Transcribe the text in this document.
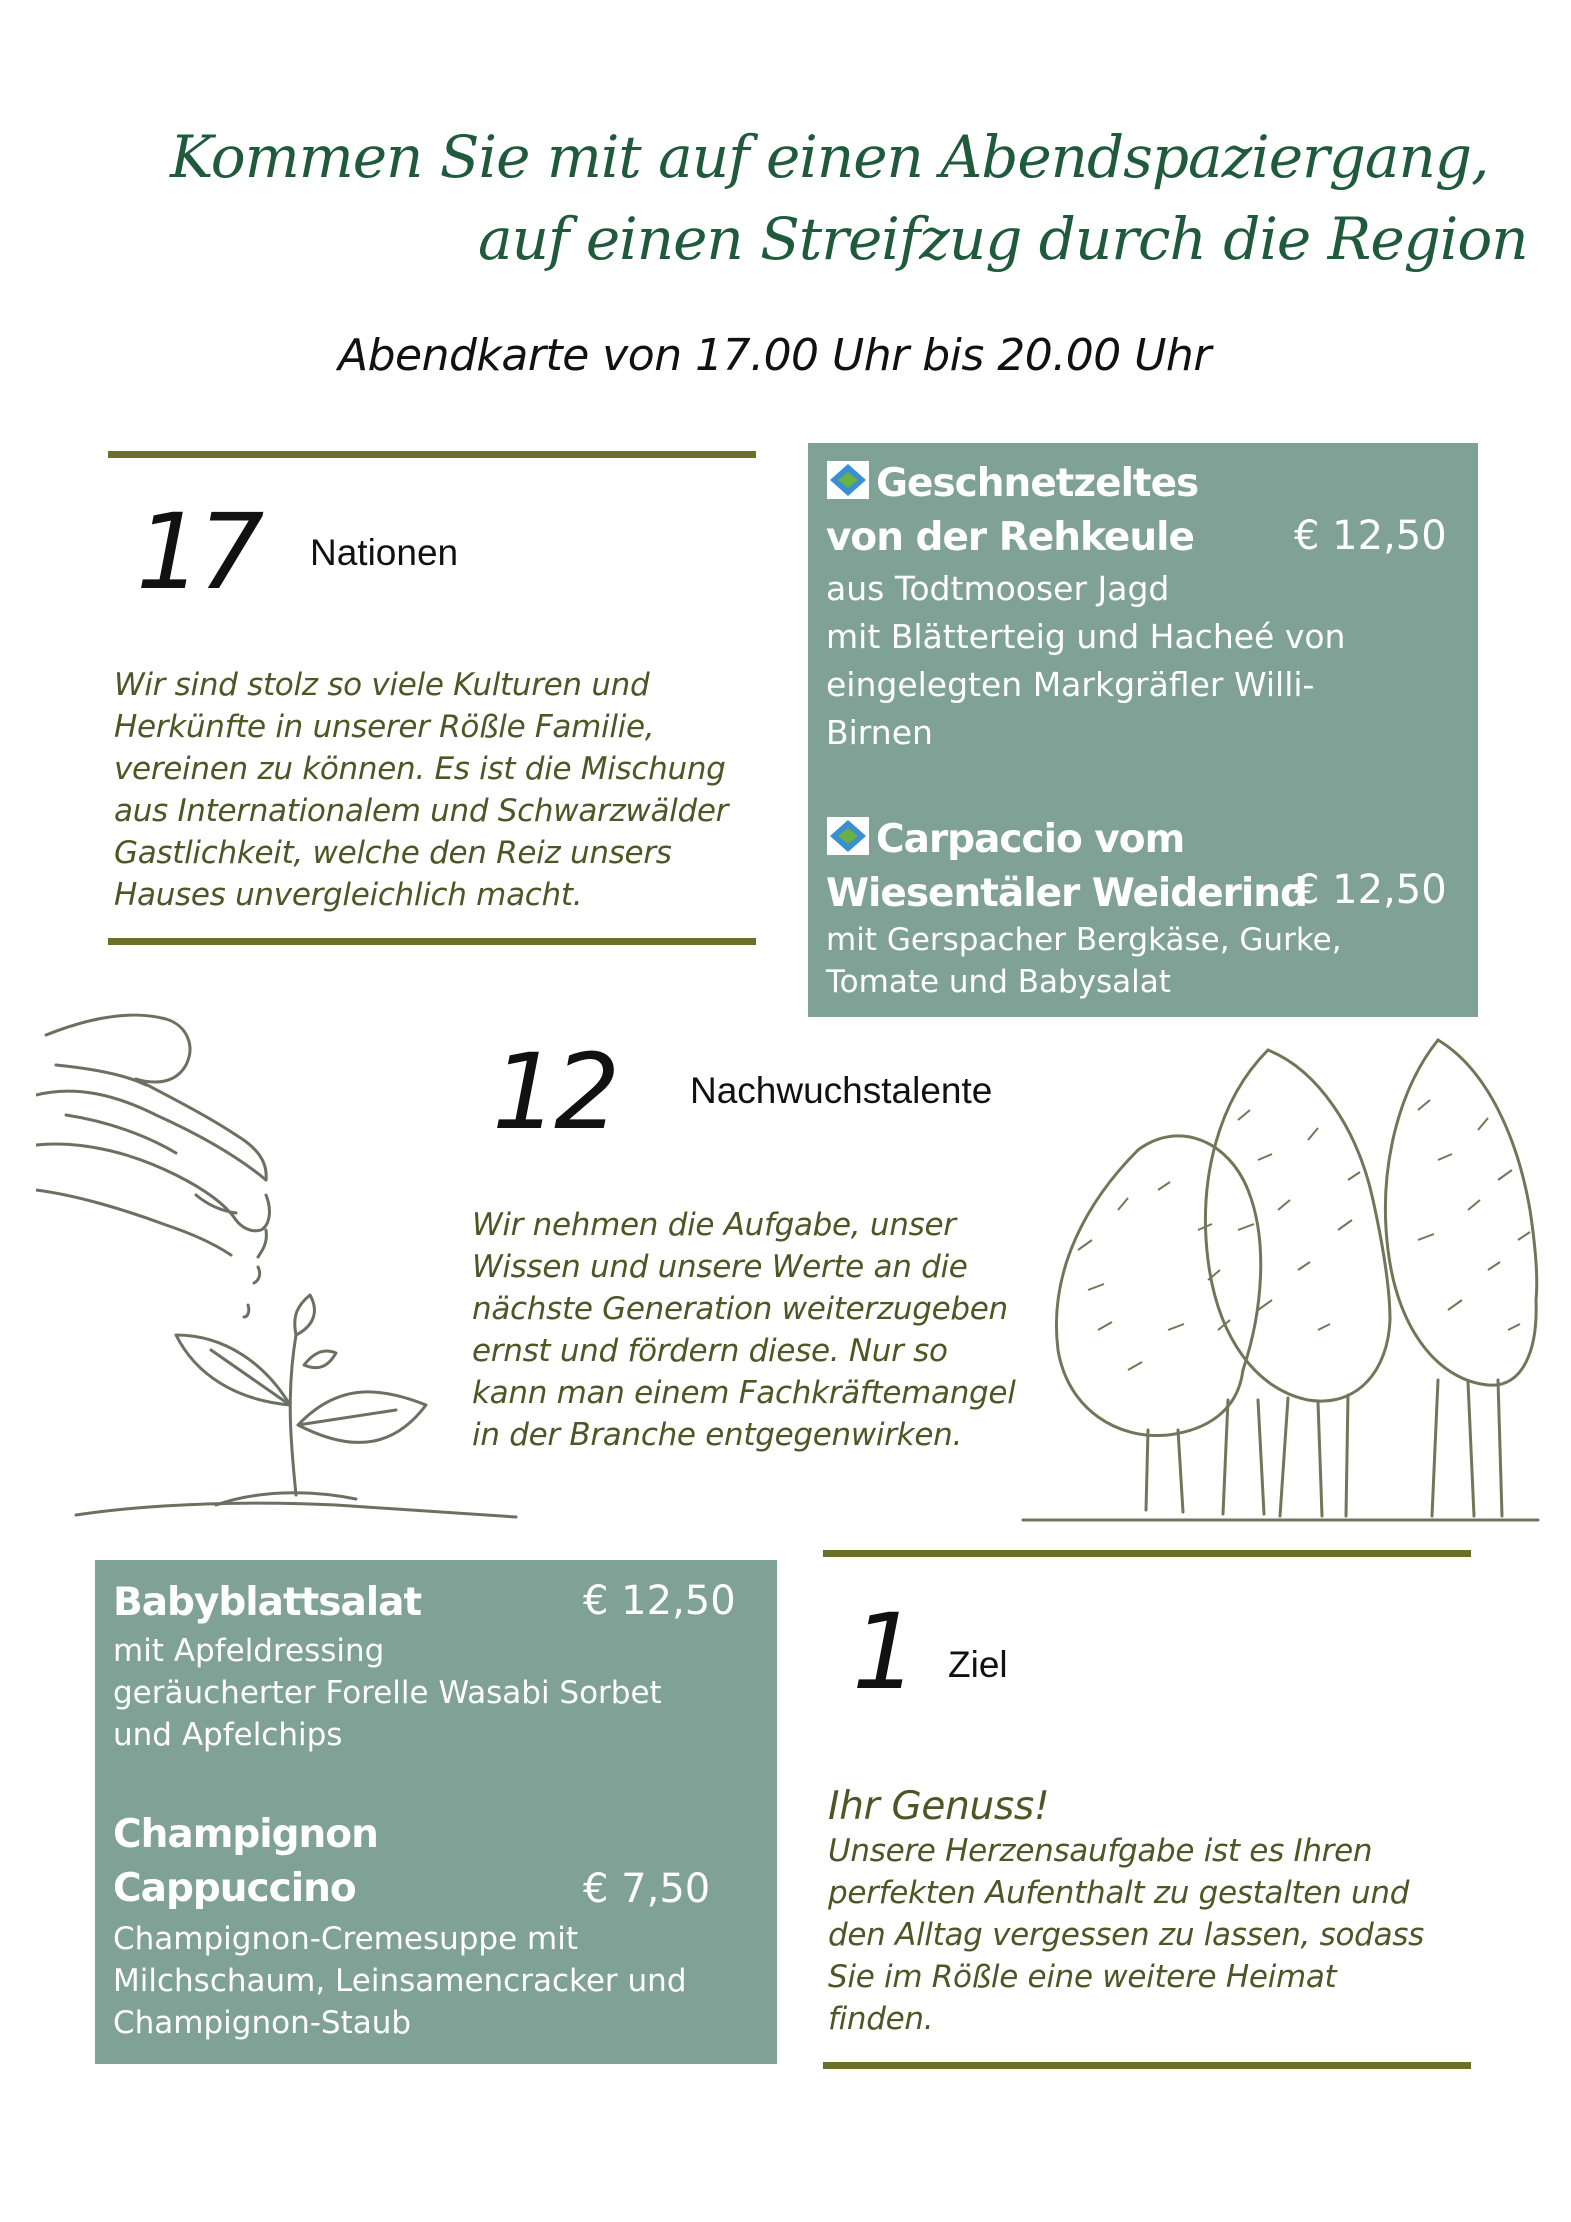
Kommen Sie mit auf einen Abendspaziergang,
auf einen Streifzug durch die Region
Abendkarte von 17.00 Uhr bis 20.00 Uhr
17 Nationen
Wir sind stolz so viele Kulturen und
Herkünfte in unserer Rößle Familie,
vereinen zu können. Es ist die Mischung
aus Internationalem und Schwarzwälder
Gastlichkeit, welche den Reiz unsers
Hauses unvergleichlich macht.
Geschnetzeltes
von der Rehkeule	€ 12,50
aus Todtmooser Jagd
mit Blätterteig und Hacheé von
eingelegten Markgräfler Willi-
Birnen
Carpaccio vom
Wiesentäler Weiderind
€ 12,50
mit Gerspacher Bergkäse, Gurke,
Tomate und Babysalat
12 Nachwuchstalente
Wir nehmen die Aufgabe, unser
Wissen und unsere Werte an die
nächste Generation weiterzugeben
ernst und fördern diese. Nur so
kann man einem Fachkräftemangel
in der Branche entgegenwirken.
Babyblattsalat	€ 12,50
mit Apfeldressing
geräucherter Forelle Wasabi Sorbet
und Apfelchips
Champignon
Cappuccino	€ 7,50
Champignon-Cremesuppe mit
Milchschaum, Leinsamencracker und
Champignon-Staub
1 Ziel
Ihr Genuss!
Unsere Herzensaufgabe ist es Ihren
perfekten Aufenthalt zu gestalten und
den Alltag vergessen zu lassen, sodass
Sie im Rößle eine weitere Heimat
finden.
